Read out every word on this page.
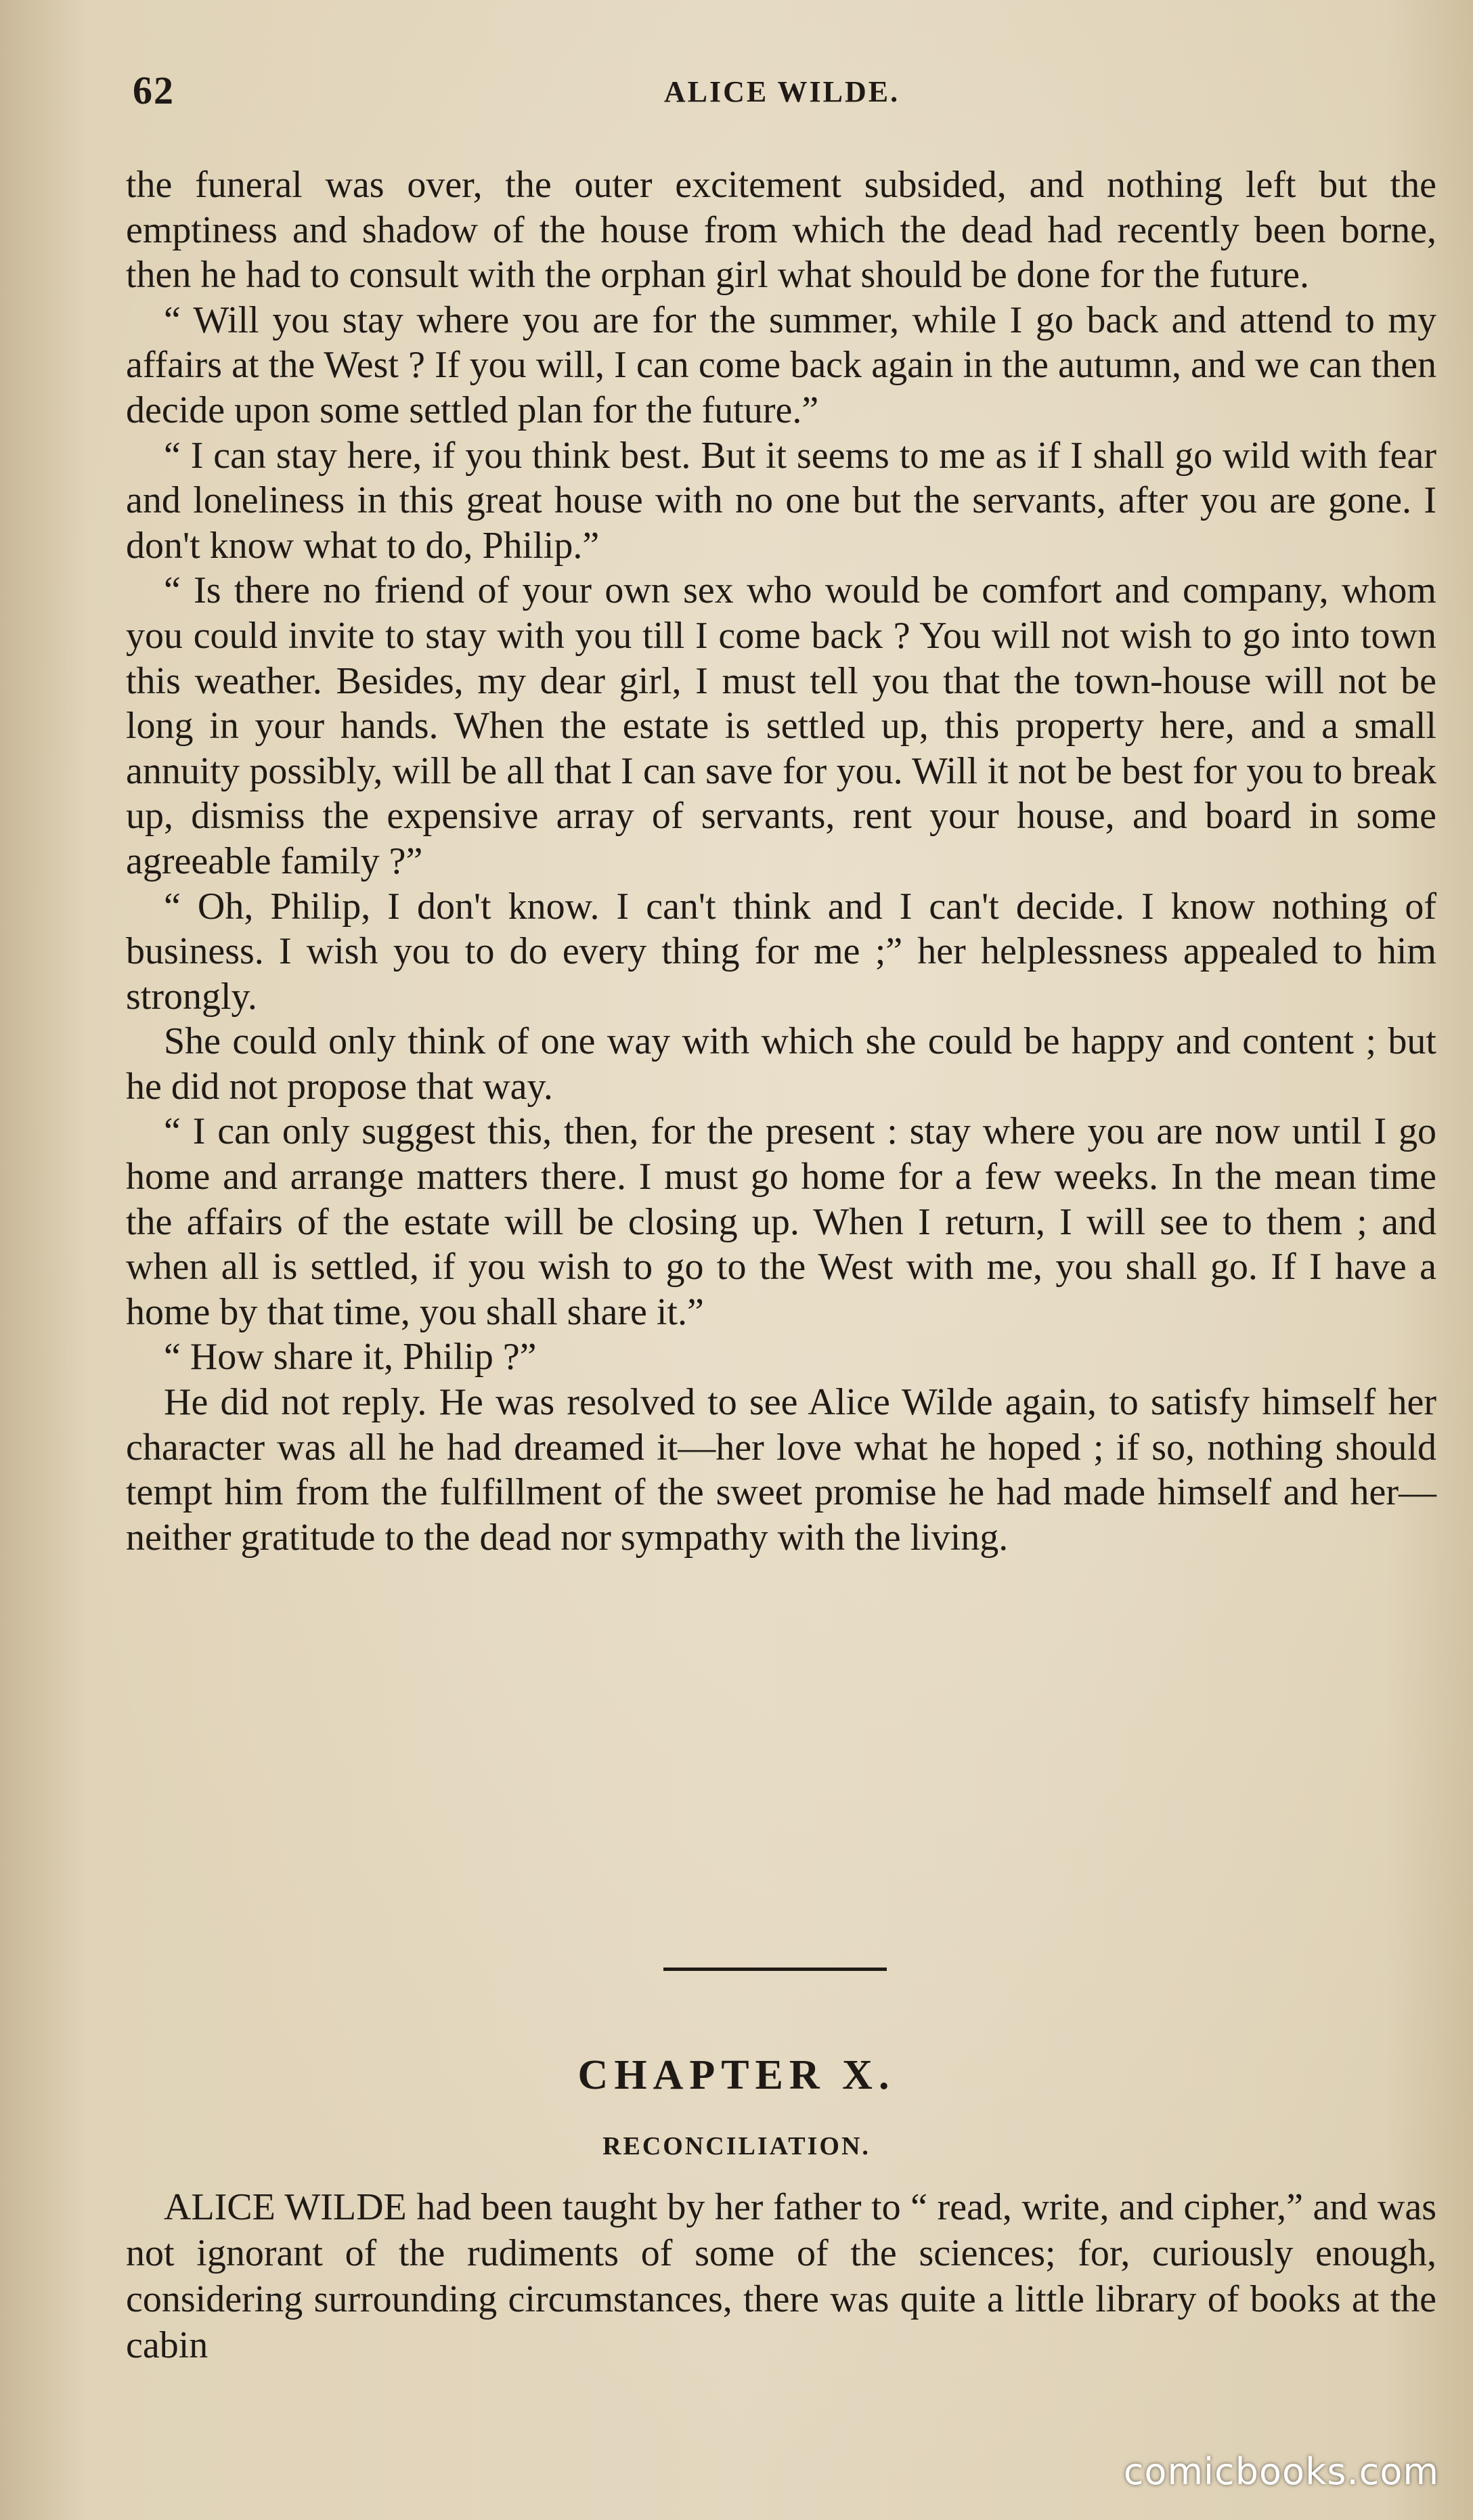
62	ALICE WILDE.

the funeral was over, the outer excitement subsided, and nothing left but the emptiness and shadow of the house from which the dead had recently been borne, then he had to consult with the orphan girl what should be done for the future.

“ Will you stay where you are for the summer, while I go back and attend to my affairs at the West ? If you will, I can come back again in the autumn, and we can then decide upon some settled plan for the future.”

“ I can stay here, if you think best. But it seems to me as if I shall go wild with fear and loneliness in this great house with no one but the servants, after you are gone. I don't know what to do, Philip.”

“ Is there no friend of your own sex who would be comfort and company, whom you could invite to stay with you till I come back ? You will not wish to go into town this weather. Besides, my dear girl, I must tell you that the town-house will not be long in your hands. When the estate is settled up, this property here, and a small annuity possibly, will be all that I can save for you. Will it not be best for you to break up, dismiss the expensive array of servants, rent your house, and board in some agreeable family ?”

“ Oh, Philip, I don't know. I can't think and I can't decide. I know nothing of business. I wish you to do every thing for me ;” her helplessness appealed to him strongly.

She could only think of one way with which she could be happy and content ; but he did not propose that way.

“ I can only suggest this, then, for the present : stay where you are now until I go home and arrange matters there. I must go home for a few weeks. In the mean time the affairs of the estate will be closing up. When I return, I will see to them ; and when all is settled, if you wish to go to the West with me, you shall go. If I have a home by that time, you shall share it.”

“ How share it, Philip ?”

He did not reply. He was resolved to see Alice Wilde again, to satisfy himself her character was all he had dreamed it—her love what he hoped ; if so, nothing should tempt him from the fulfillment of the sweet promise he had made himself and her—neither gratitude to the dead nor sympathy with the living.

CHAPTER X.
RECONCILIATION.

ALICE WILDE had been taught by her father to “ read, write, and cipher,” and was not ignorant of the rudiments of some of the sciences; for, curiously enough, considering surrounding circumstances, there was quite a little library of books at the cabin

comicbooks.com
